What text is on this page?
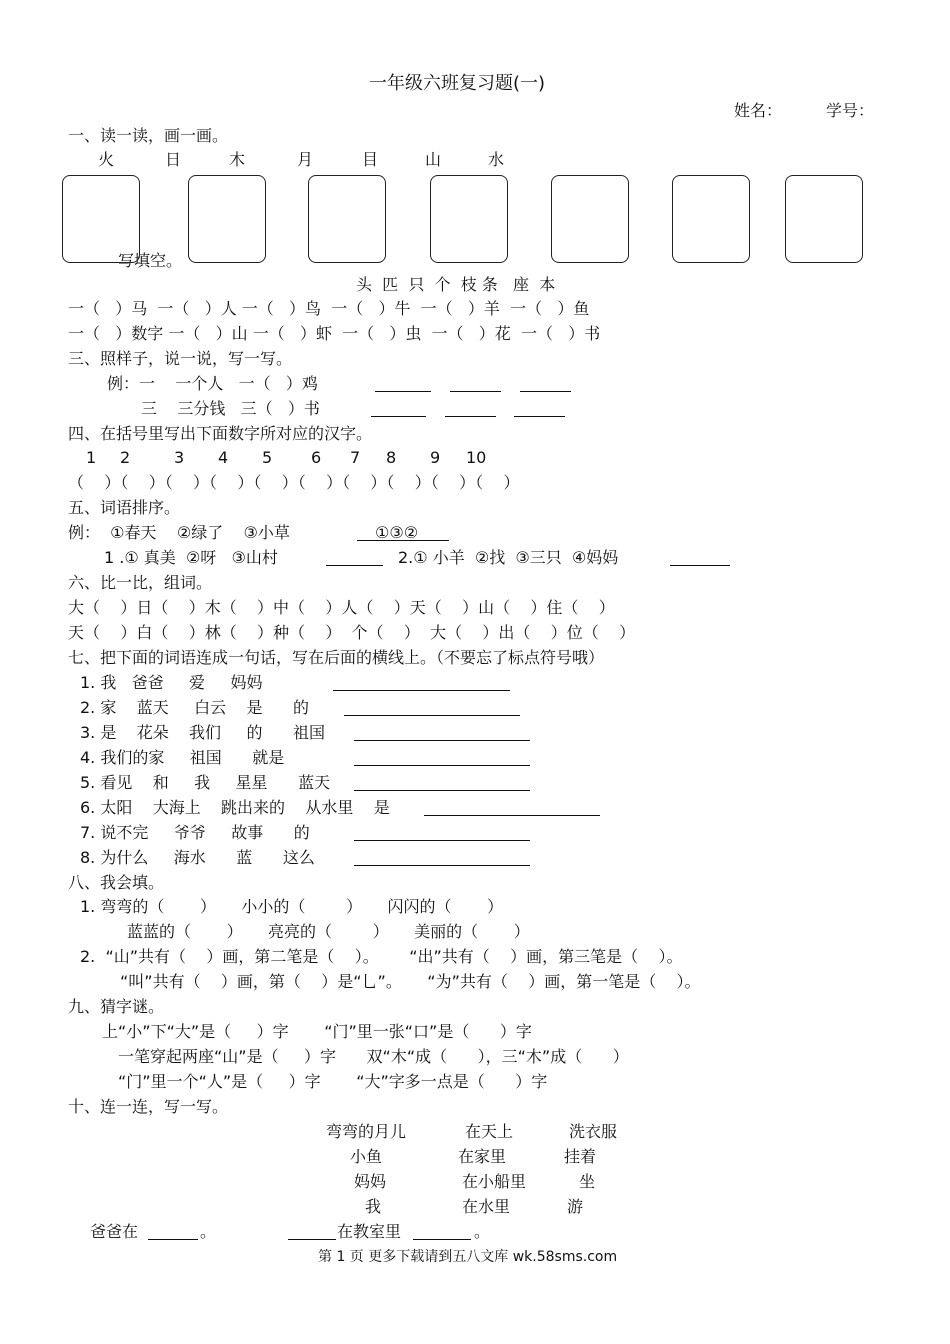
一年级六班复习题(一)
姓名：	学号：
一、读一读，画一画。
火	日	木	月	目	山	水
写填空。
头  匹  只  个  枝 条   座  本
一（   ）马  一（   ）人 一（   ）鸟  一（   ）牛  一（   ）羊  一（   ）鱼
一（   ）数字 一（   ）山 一（   ）虾  一（   ）虫  一（   ）花  一（   ）书
三、照样子，说一说，写一写。
例：一    一个人   一（   ）鸡
三    三分钱   三（   ）书
四、在括号里写出下面数字所对应的汉字。
1 2	3 4 5 6 7 8 9 10
（    ）（    ）（    ）（    ）（    ）（    ）（    ）（    ）（    ）（    ）
五、词语排序。
例：  ①春天    ②绿了    ③小草	①③②
1 .① 真美  ②呀   ③山村	2.① 小羊  ②找  ③三只  ④妈妈
六、比一比，组词。
大（    ）日（    ）木（    ）中（    ）人（    ）天（    ）山（    ）住（    ）
天（    ）白（    ）林（    ）种（    ）  个（    ）  大（    ）出（    ）位（    ）
七、把下面的词语连成一句话，写在后面的横线上。（不要忘了标点符号哦）
1. 我   爸爸     爱     妈妈
2. 家    蓝天     白云    是      的
3. 是    花朵    我们     的      祖国
4. 我们的家     祖国      就是
5. 看见    和     我     星星      蓝天
6. 太阳    大海上    跳出来的    从水里    是
7. 说不完     爷爷     故事      的
8. 为什么     海水      蓝      这么
八、我会填。
1. 弯弯的（       ）     小小的（        ）     闪闪的（       ）
蓝蓝的（       ）     亮亮的（        ）     美丽的（       ）
2.  “山”共有（    ）画，第二笔是（    ）。      “出”共有（    ）画，第三笔是（    ）。
“叫”共有（    ）画，第（    ）是“乚”。     “为”共有（    ）画，第一笔是（    ）。
九、猜字谜。
上“小”下“大”是（     ）字       “门”里一张“口”是（      ）字
一笔穿起两座“山”是（     ）字      双“木“成（      ），三“木”成（      ）
“门”里一个“人”是（     ）字       “大”字多一点是（      ）字
十、连一连，写一写。
弯弯的月儿	在天上	洗衣服
小鱼	在家里	挂着
妈妈	在小船里	坐
我	在水里	游
爸爸在	。	在教室里	。
第 1 页 更多下载请到五八文库 wk.58sms.com
